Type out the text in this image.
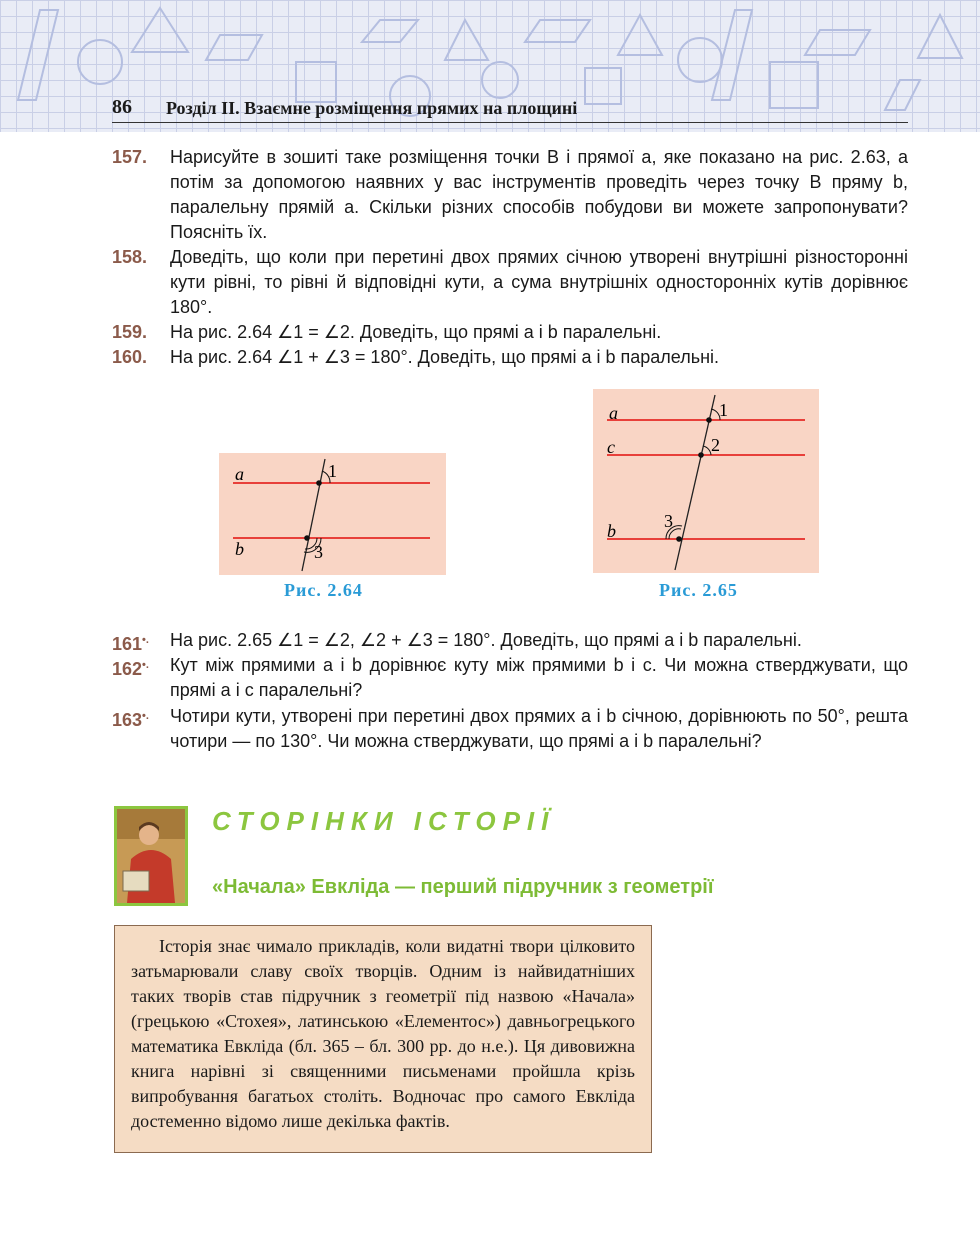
86 Розділ ІІ. Взаємне розміщення прямих на площині
157.	Нарисуйте в зошиті таке розміщення точки B і прямої a, яке показано на рис. 2.63, а потім за допомогою наявних у вас інструментів проведіть через точку B пряму b, паралельну прямій a. Скільки різних способів побудови ви можете запропонувати? Поясніть їх.
158.	Доведіть, що коли при перетині двох прямих січною утворені внутрішні різносторонні кути рівні, то рівні й відповідні кути, а сума внутрішніх односторонніх кутів дорівнює 180°.
159.	На рис. 2.64 ∠1 = ∠2. Доведіть, що прямі a і b паралельні.
160.	На рис. 2.64 ∠1 + ∠3 = 180°. Доведіть, що прямі a і b паралельні.
a
b
1
3
Рис. 2.64
a
c
b
1
2
3
Рис. 2.65
161•.	На рис. 2.65 ∠1 = ∠2, ∠2 + ∠3 = 180°. Доведіть, що прямі a і b паралельні.
162•.	Кут між прямими a і b дорівнює куту між прямими b і c. Чи можна стверджувати, що прямі a і c паралельні?
163•.	Чотири кути, утворені при перетині двох прямих a і b січною, дорівнюють по 50°, решта чотири — по 130°. Чи можна стверджувати, що прямі a і b паралельні?
СТОРІНКИ ІСТОРІЇ
«Начала» Евкліда — перший підручник з геометрії
Історія знає чимало прикладів, коли видатні твори цілковито затьмарювали славу своїх творців. Одним із найвидатніших таких творів став підручник з геометрії під назвою «Начала» (грецькою «Стохея», латинською «Елементос») давньогрецького математика Евкліда (бл. 365 – бл. 300 рр. до н.е.). Ця дивовижна книга нарівні зі священними письменами пройшла крізь випробування багатьох століть. Водночас про самого Евкліда достеменно відомо лише декілька фактів.
